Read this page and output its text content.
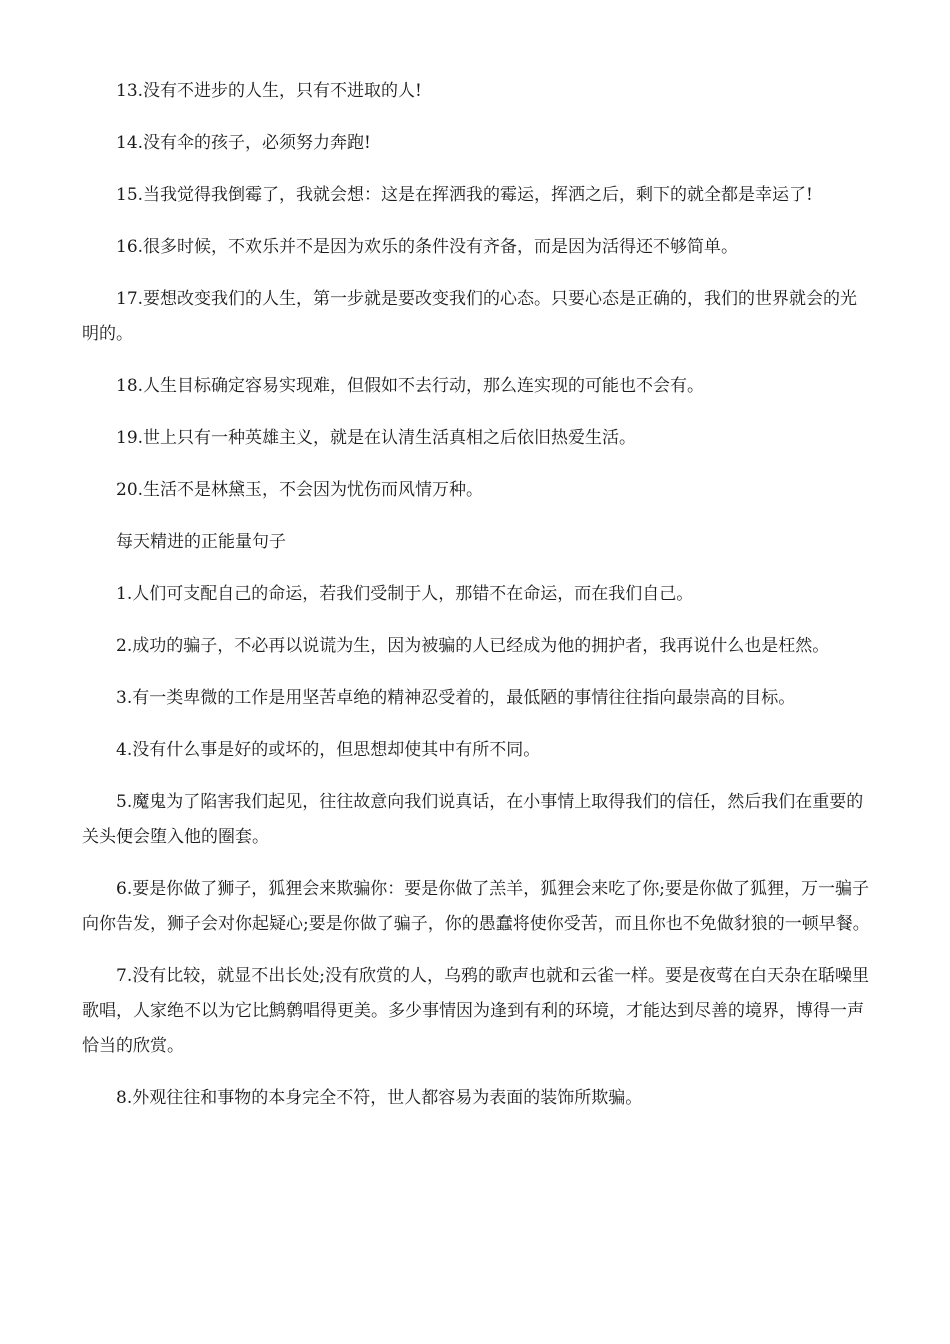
13.没有不进步的人生，只有不进取的人!

14.没有伞的孩子，必须努力奔跑!

15.当我觉得我倒霉了，我就会想：这是在挥洒我的霉运，挥洒之后，剩下的就全都是幸运了!

16.很多时候，不欢乐并不是因为欢乐的条件没有齐备，而是因为活得还不够简单。

17.要想改变我们的人生，第一步就是要改变我们的心态。只要心态是正确的，我们的世界就会的光明的。

18.人生目标确定容易实现难，但假如不去行动，那么连实现的可能也不会有。

19.世上只有一种英雄主义，就是在认清生活真相之后依旧热爱生活。

20.生活不是林黛玉，不会因为忧伤而风情万种。

每天精进的正能量句子

1.人们可支配自己的命运，若我们受制于人，那错不在命运，而在我们自己。

2.成功的骗子，不必再以说谎为生，因为被骗的人已经成为他的拥护者，我再说什么也是枉然。

3.有一类卑微的工作是用坚苦卓绝的精神忍受着的，最低陋的事情往往指向最崇高的目标。

4.没有什么事是好的或坏的，但思想却使其中有所不同。

5.魔鬼为了陷害我们起见，往往故意向我们说真话，在小事情上取得我们的信任，然后我们在重要的关头便会堕入他的圈套。

6.要是你做了狮子，狐狸会来欺骗你：要是你做了羔羊，狐狸会来吃了你;要是你做了狐狸，万一骗子向你告发，狮子会对你起疑心;要是你做了骗子，你的愚蠢将使你受苦，而且你也不免做豺狼的一顿早餐。

7.没有比较，就显不出长处;没有欣赏的人，乌鸦的歌声也就和云雀一样。要是夜莺在白天杂在聒噪里歌唱，人家绝不以为它比鹪鹩唱得更美。多少事情因为逢到有利的环境，才能达到尽善的境界，博得一声恰当的欣赏。

8.外观往往和事物的本身完全不符，世人都容易为表面的装饰所欺骗。
